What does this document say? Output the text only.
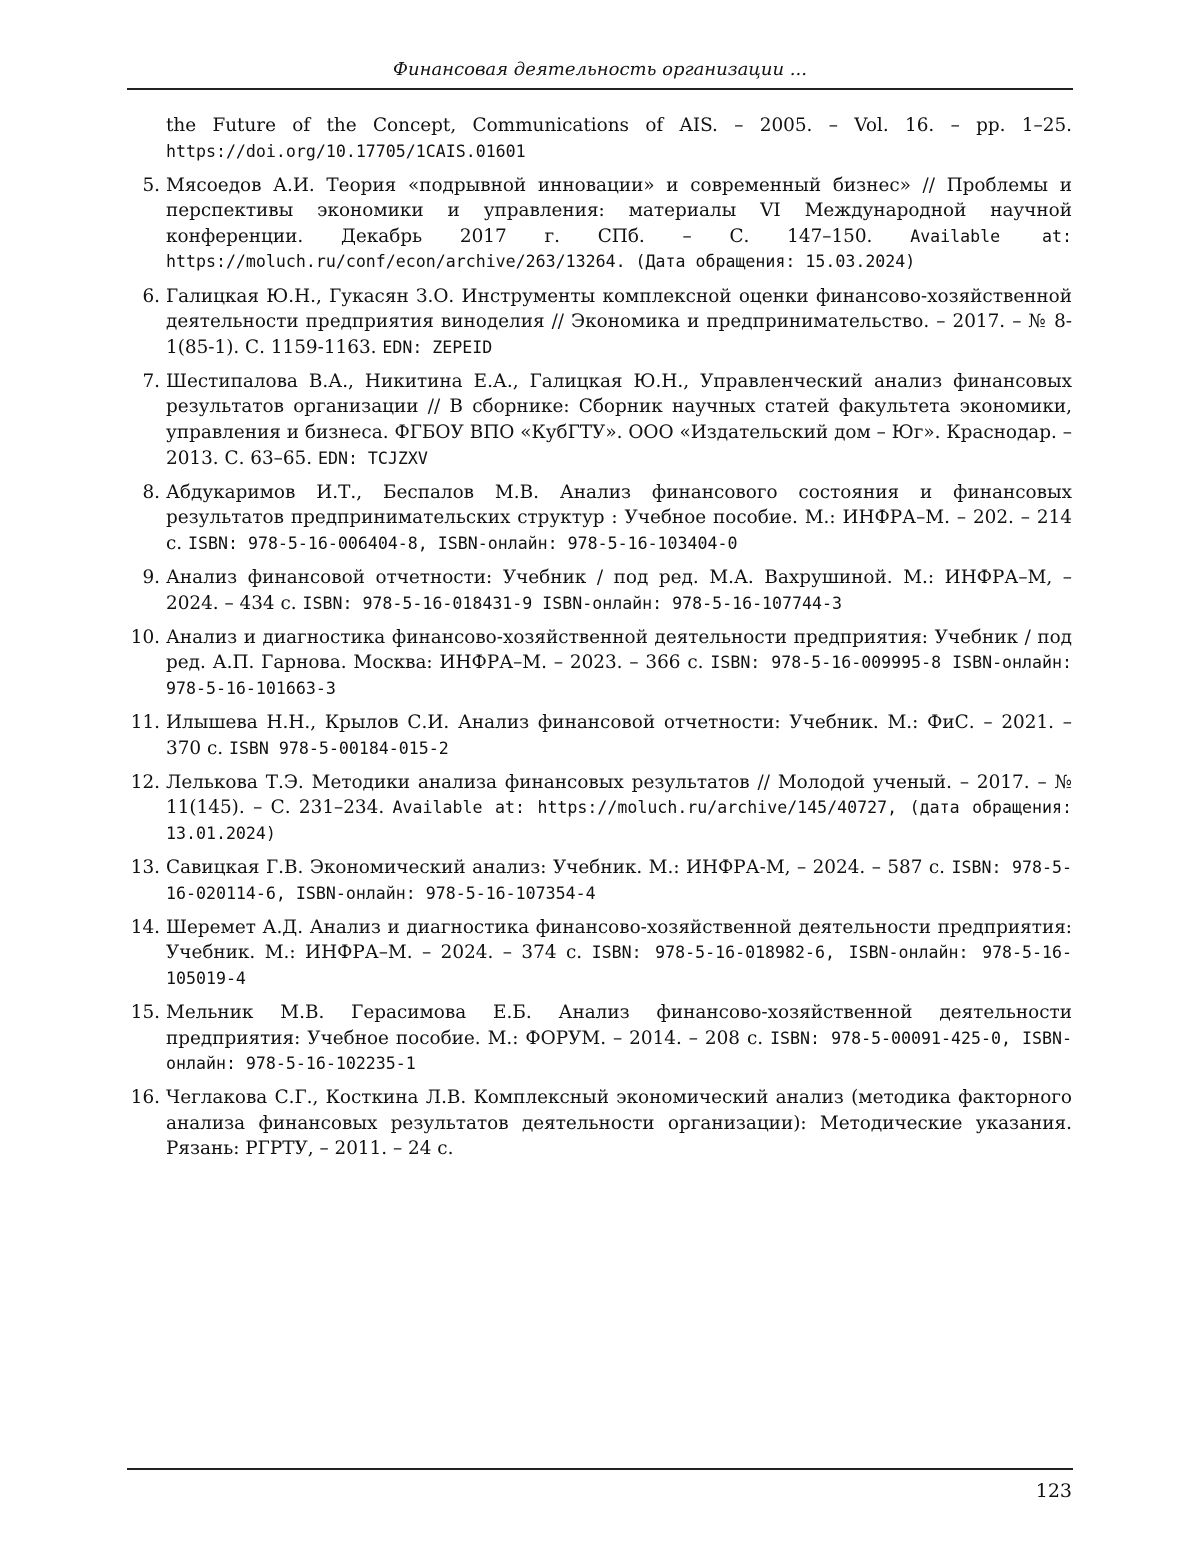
Финансовая деятельность организации ...
the Future of the Concept, Communications of AIS. – 2005. – Vol. 16. – pp. 1–25. https://doi.org/10.17705/1CAIS.01601
5. Мясоедов А.И. Теория «подрывной инновации» и современный бизнес» // Проблемы и перспективы экономики и управления: материалы VI Международной научной конференции. Декабрь 2017 г. СПб. – С. 147–150. Available at: https://moluch.ru/conf/econ/archive/263/13264. (Дата обращения: 15.03.2024)
6. Галицкая Ю.Н., Гукасян З.О. Инструменты комплексной оценки финансово-хозяйственной деятельности предприятия виноделия // Экономика и предпринимательство. – 2017. – № 8-1(85-1). С. 1159-1163. EDN: ZEPEID
7. Шестипалова В.А., Никитина Е.А., Галицкая Ю.Н., Управленческий анализ финансовых результатов организации // В сборнике: Сборник научных статей факультета экономики, управления и бизнеса. ФГБОУ ВПО «КубГТУ». ООО «Издательский дом – Юг». Краснодар. – 2013. С. 63–65. EDN: TCJZXV
8. Абдукаримов И.Т., Беспалов М.В. Анализ финансового состояния и финансовых результатов предпринимательских структур : Учебное пособие. М.: ИНФРА–М. – 202. – 214 с. ISBN: 978-5-16-006404-8, ISBN-онлайн: 978-5-16-103404-0
9. Анализ финансовой отчетности: Учебник / под ред. М.А. Вахрушиной. М.: ИНФРА–М, – 2024. – 434 с. ISBN: 978-5-16-018431-9 ISBN-онлайн: 978-5-16-107744-3
10. Анализ и диагностика финансово-хозяйственной деятельности предприятия: Учебник / под ред. А.П. Гарнова. Москва: ИНФРА–М. – 2023. – 366 с. ISBN: 978-5-16-009995-8 ISBN-онлайн: 978-5-16-101663-3
11. Илышева Н.Н., Крылов С.И. Анализ финансовой отчетности: Учебник. М.: ФиС. – 2021. – 370 с. ISBN 978-5-00184-015-2
12. Лелькова Т.Э. Методики анализа финансовых результатов // Молодой ученый. – 2017. – № 11(145). – С. 231–234. Available at: https://moluch.ru/archive/145/40727, (дата обращения: 13.01.2024)
13. Савицкая Г.В. Экономический анализ: Учебник. М.: ИНФРА-М, – 2024. – 587 с. ISBN: 978-5-16-020114-6, ISBN-онлайн: 978-5-16-107354-4
14. Шеремет А.Д. Анализ и диагностика финансово-хозяйственной деятельности предприятия: Учебник. М.: ИНФРА–М. – 2024. – 374 с. ISBN: 978-5-16-018982-6, ISBN-онлайн: 978-5-16-105019-4
15. Мельник М.В. Герасимова Е.Б. Анализ финансово-хозяйственной деятельности предприятия: Учебное пособие. М.: ФОРУМ. – 2014. – 208 с. ISBN: 978-5-00091-425-0, ISBN-онлайн: 978-5-16-102235-1
16. Чеглакова С.Г., Косткина Л.В. Комплексный экономический анализ (методика факторного анализа финансовых результатов деятельности организации): Методические указания. Рязань: РГРТУ, – 2011. – 24 с.
123
